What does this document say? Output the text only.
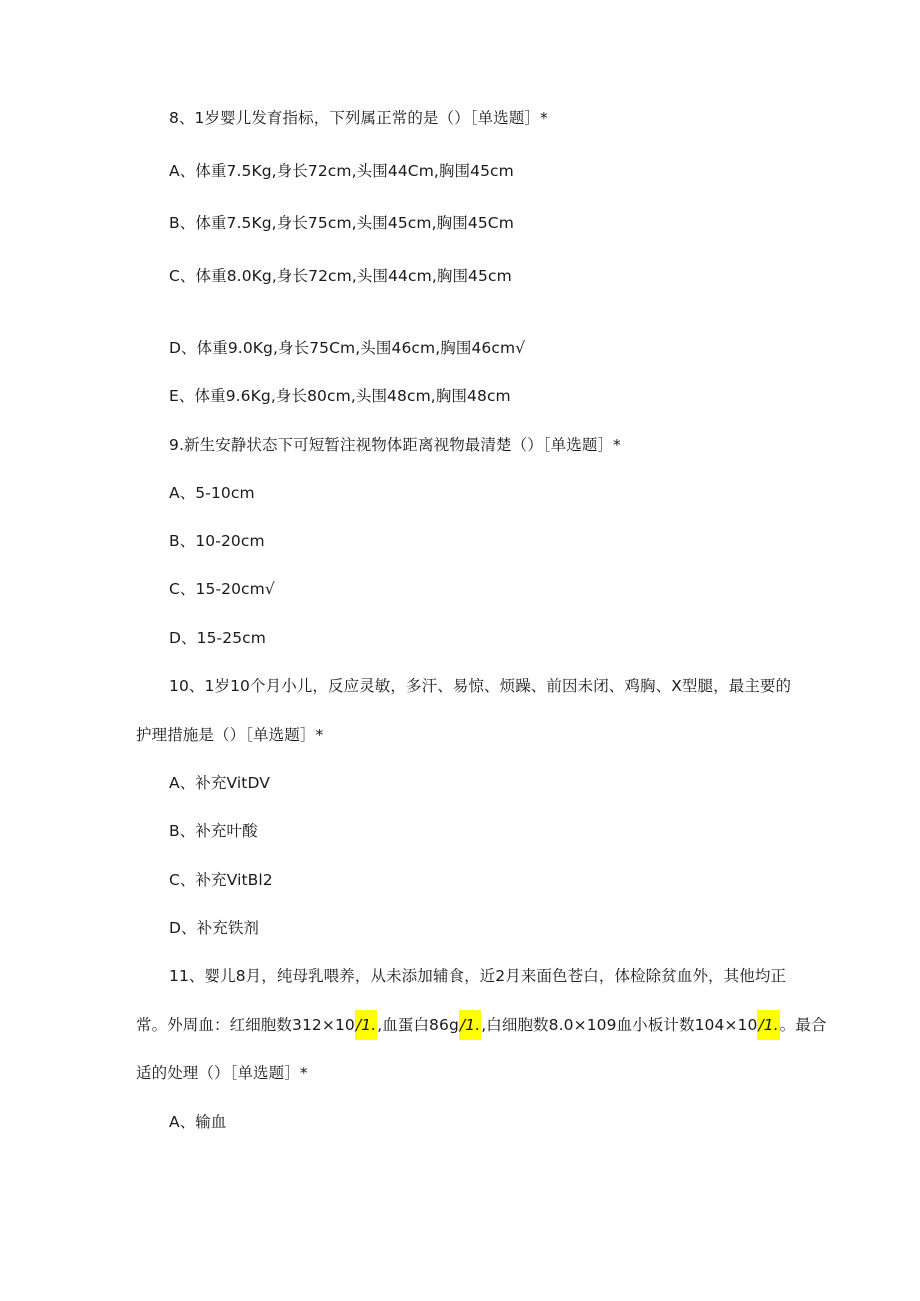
8、1岁婴儿发育指标，下列属正常的是（）［单选题］*
A、体重7.5Kg,身长72cm,头围44Cm,胸围45cm
B、体重7.5Kg,身长75cm,头围45cm,胸围45Cm
C、体重8.0Kg,身长72cm,头围44cm,胸围45cm
D、体重9.0Kg,身长75Cm,头围46cm,胸围46cm√
E、体重9.6Kg,身长80cm,头围48cm,胸围48cm
9.新生安静状态下可短暂注视物体距离视物最清楚（）［单选题］*
A、5-10cm
B、10-20cm
C、15-20cm√
D、15-25cm
10、1岁10个月小儿，反应灵敏，多汗、易惊、烦躁、前因未闭、鸡胸、X型腿，最主要的
护理措施是（）［单选题］*
A、补充VitDV
B、补充叶酸
C、补充VitBl2
D、补充铁剂
11、婴儿8月，纯母乳喂养，从未添加辅食，近2月来面色苍白，体检除贫血外，其他均正
常。外周血：红细胞数312×10∕1.,血蛋白86g∕1.,白细胞数8.0×109血小板计数104×10∕1.。最合
适的处理（）［单选题］*
A、输血
